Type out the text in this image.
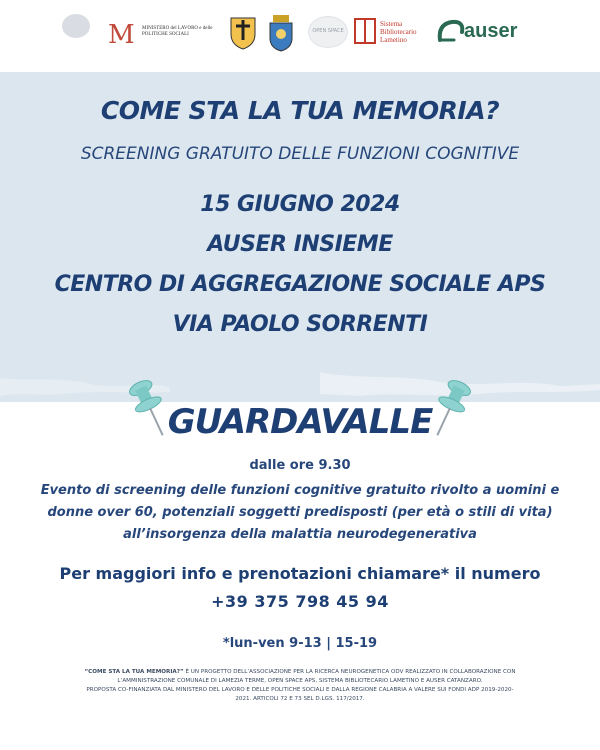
M MINISTERO del LAVORO e delle POLITICHE SOCIALI
OPEN SPACE
Sistema Bibliotecario Lametino	auser
COME STA LA TUA MEMORIA?
SCREENING GRATUITO DELLE FUNZIONI COGNITIVE
15 GIUGNO 2024
AUSER INSIEME
CENTRO DI AGGREGAZIONE SOCIALE APS
VIA PAOLO SORRENTI
GUARDAVALLE
dalle ore 9.30
Evento di screening delle funzioni cognitive gratuito rivolto a uomini e donne over 60, potenziali soggetti predisposti (per età o stili di vita) all’insorgenza della malattia neurodegenerativa
Per maggiori info e prenotazioni chiamare* il numero
+39 375 798 45 94
*lun-ven 9-13 | 15-19
“COME STA LA TUA MEMORIA?” È UN PROGETTO DELL’ASSOCIAZIONE PER LA RICERCA NEUROGENETICA ODV REALIZZATO IN COLLABORAZIONE CON L’AMMINISTRAZIONE COMUNALE DI LAMEZIA TERME, OPEN SPACE APS, SISTEMA BIBLIOTECARIO LAMETINO E AUSER CATANZARO.
PROPOSTA CO-FINANZIATA DAL MINISTERO DEL LAVORO E DELLE POLITICHE SOCIALI E DALLA REGIONE CALABRIA A VALERE SUI FONDI ADP 2019-2020-2021. ARTICOLI 72 E 73 SEL D.LGS. 117/2017.
